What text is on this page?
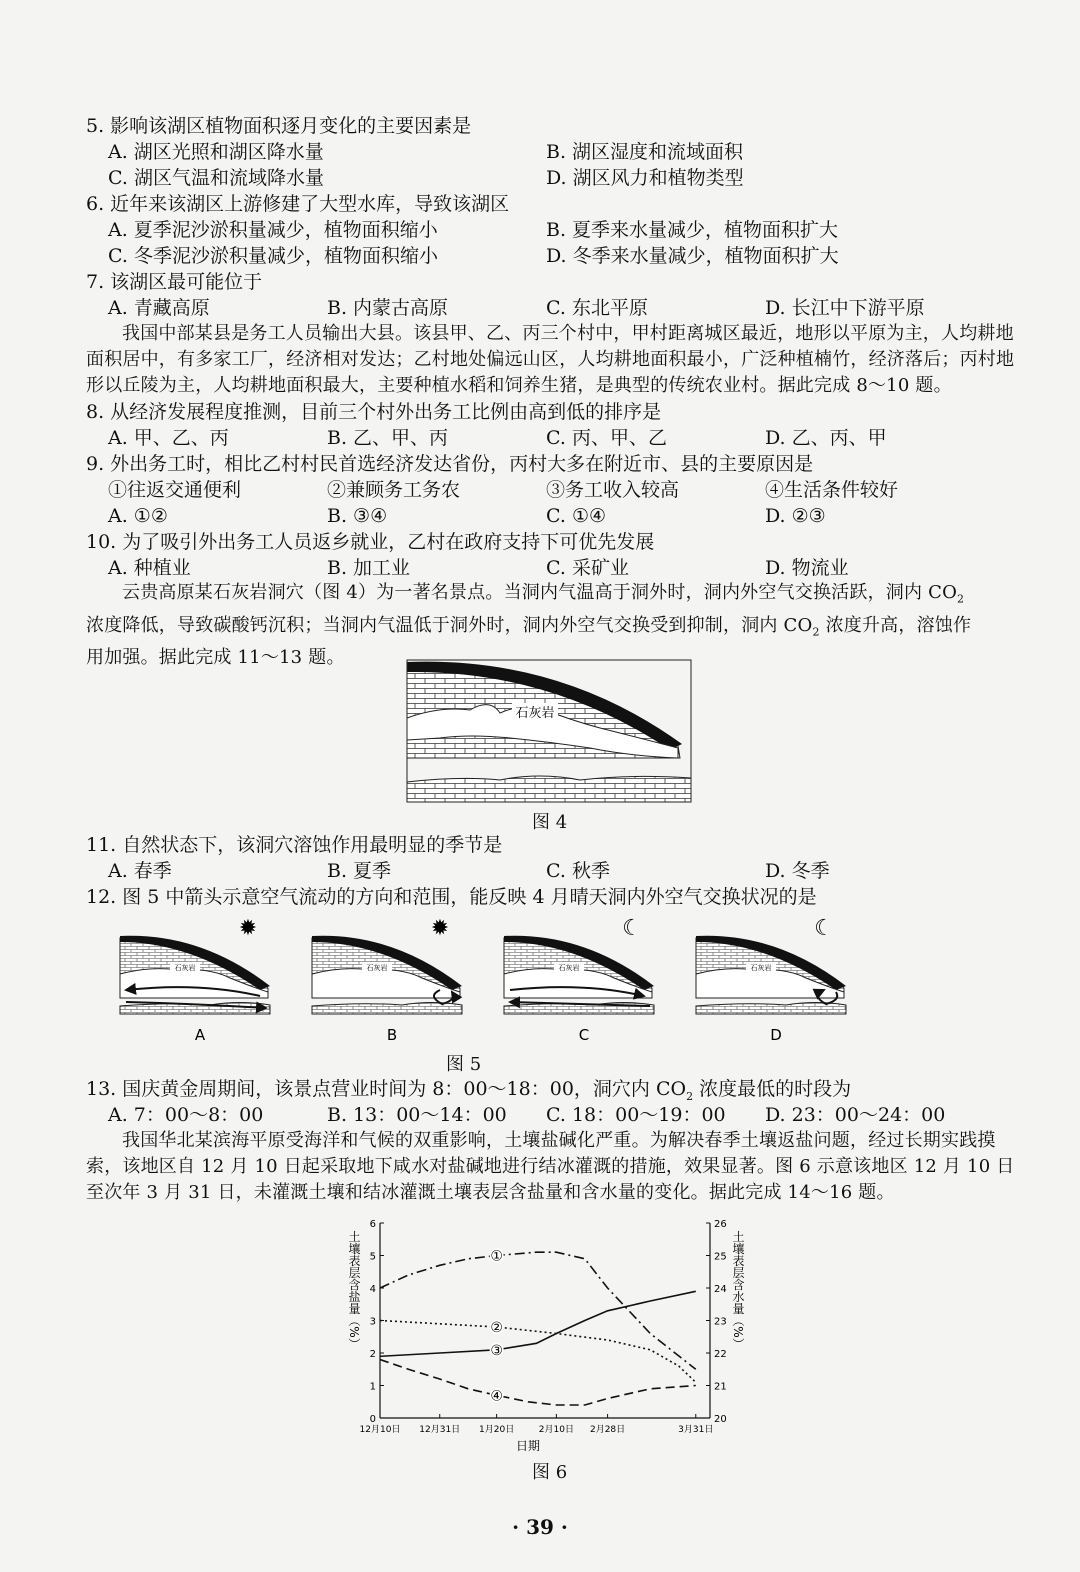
5. 影响该湖区植物面积逐月变化的主要因素是
A. 湖区光照和湖区降水量	B. 湖区湿度和流域面积
C. 湖区气温和流域降水量	D. 湖区风力和植物类型
6. 近年来该湖区上游修建了大型水库，导致该湖区
A. 夏季泥沙淤积量减少，植物面积缩小	B. 夏季来水量减少，植物面积扩大
C. 冬季泥沙淤积量减少，植物面积缩小	D. 冬季来水量减少，植物面积扩大
7. 该湖区最可能位于
A. 青藏高原	B. 内蒙古高原	C. 东北平原	D. 长江中下游平原
我国中部某县是务工人员输出大县。该县甲、乙、丙三个村中，甲村距离城区最近，地形以平原为主，人均耕地面积居中，有多家工厂，经济相对发达；乙村地处偏远山区，人均耕地面积最小，广泛种植楠竹，经济落后；丙村地形以丘陵为主，人均耕地面积最大，主要种植水稻和饲养生猪，是典型的传统农业村。据此完成 8～10 题。
8. 从经济发展程度推测，目前三个村外出务工比例由高到低的排序是
A. 甲、乙、丙	B. 乙、甲、丙	C. 丙、甲、乙	D. 乙、丙、甲
9. 外出务工时，相比乙村村民首选经济发达省份，丙村大多在附近市、县的主要原因是
①往返交通便利	②兼顾务工务农	③务工收入较高	④生活条件较好
A. ①②	B. ③④	C. ①④	D. ②③
10. 为了吸引外出务工人员返乡就业，乙村在政府支持下可优先发展
A. 种植业	B. 加工业	C. 采矿业	D. 物流业
云贵高原某石灰岩洞穴（图 4）为一著名景点。当洞内气温高于洞外时，洞内外空气交换活跃，洞内 $CO_2$
浓度降低，导致碳酸钙沉积；当洞内气温低于洞外时，洞内外空气交换受到抑制，洞内 $CO_2$ 浓度升高，溶蚀作
用加强。据此完成 11～13 题。
石灰岩
图 4
11. 自然状态下，该洞穴溶蚀作用最明显的季节是
A. 春季	B. 夏季	C. 秋季	D. 冬季
12. 图 5 中箭头示意空气流动的方向和范围，能反映 4 月晴天洞内外空气交换状况的是
✹
石灰岩
A
✹
石灰岩
B
☾
石灰岩
C
☾
石灰岩
D
图 5
13. 国庆黄金周期间，该景点营业时间为 8：00～18：00，洞穴内 $CO_2$ 浓度最低的时段为
A. 7：00～8：00	B. 13：00～14：00 C. 18：00～19：00 D. 23：00～24：00
我国华北某滨海平原受海洋和气候的双重影响，土壤盐碱化严重。为解决春季土壤返盐问题，经过长期实践摸索，该地区自 12 月 10 日起采取地下咸水对盐碱地进行结冰灌溉的措施，效果显著。图 6 示意该地区 12 月 10 日至次年 3 月 31 日，未灌溉土壤和结冰灌溉土壤表层含盐量和含水量的变化。据此完成 14～16 题。
0
1
2
3
4
5
6
20
21
22
23
24
25
26
12月10日 12月31日 1月20日	2月10日 2月28日	3月31日
①
②
③
④
日期
土壤表层含盐量（%）	土壤表层含水量（%）
图 6
· 39 ·
